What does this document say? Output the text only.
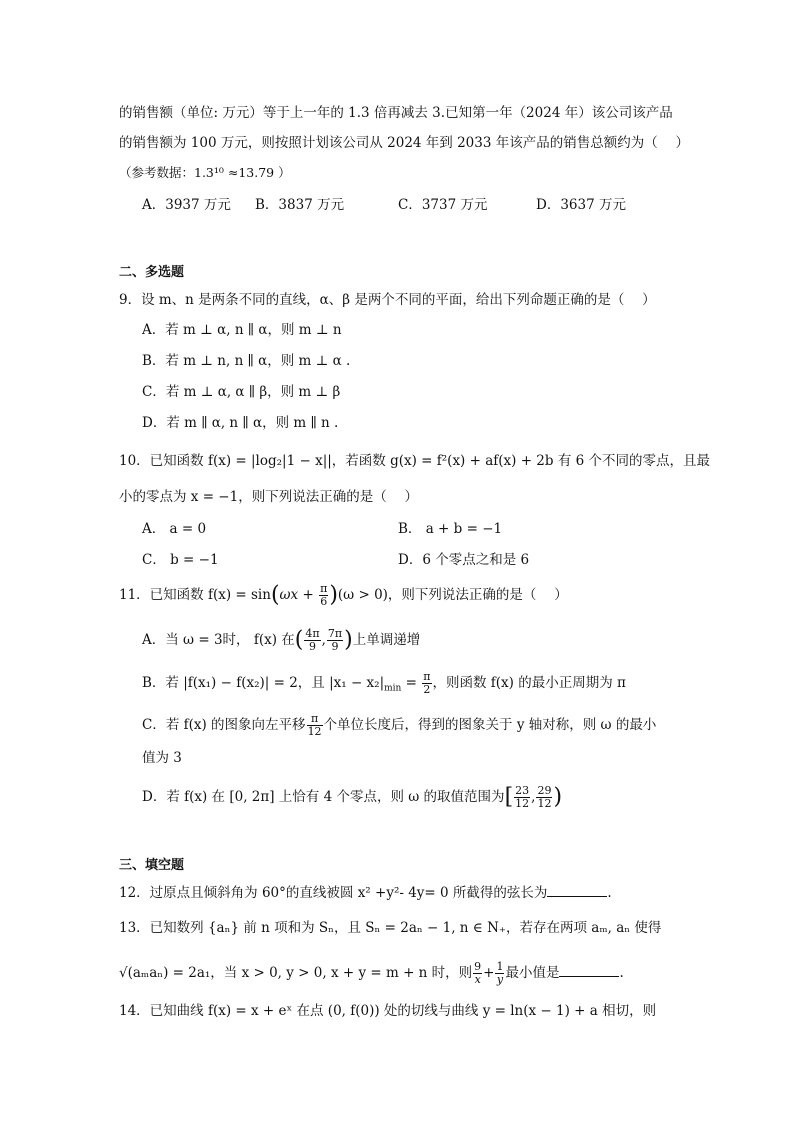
的销售额（单位: 万元）等于上一年的 1.3 倍再减去 3.已知第一年（2024 年）该公司该产品
的销售额为 100 万元，则按照计划该公司从 2024 年到 2033 年该产品的销售总额约为（　 ）
（参考数据：1.3¹⁰ ≈13.79 ）
A．3937 万元 B．3837 万元	C．3737 万元	D．3637 万元
二、多选题
9．设 m、n 是两条不同的直线，α、β 是两个不同的平面，给出下列命题正确的是（　 ）
A．若 m ⊥ α, n ∥ α，则 m ⊥ n
B．若 m ⊥ n, n ∥ α，则 m ⊥ α .
C．若 m ⊥ α, α ∥ β，则 m ⊥ β
D．若 m ∥ α, n ∥ α，则 m ∥ n .
10．已知函数 f(x) = |log₂|1 − x||，若函数 g(x) = f²(x) + af(x) + 2b 有 6 个不同的零点，且最
小的零点为 x = −1，则下列说法正确的是（　 ）
A． a = 0	B． a + b = −1
C． b = −1	D．6 个零点之和是 6
11．已知函数 $f(x) = \sin(\omega x + \frac{\pi}{6} )(\omega > 0)$，则下列说法正确的是（　 ）
A．当 ω = 3时， f(x) 在( $\frac{4\pi}{9}$ , $\frac{7\pi}{9}$ )上单调递增
B．若 |f(x₁) − f(x₂)| = 2，且 $|x_1 - x_2|_{min} = \frac{\pi}{2}$ ，则函数 f(x) 的最小正周期为 π
C．若 f(x) 的图象向左平移 $\frac{\pi}{12}$ 个单位长度后，得到的图象关于 y 轴对称，则 ω 的最小
值为 3
D．若 f(x) 在 [0, 2π] 上恰有 4 个零点，则 ω 的取值范围为[ $\frac{23}{12}$ , $\frac{29}{12}$ )
三、填空题
12．过原点且倾斜角为 60°的直线被圆 x² +y²- 4y= 0 所截得的弦长为	.
13．已知数列 {aₙ} 前 n 项和为 Sₙ，且 Sₙ = 2aₙ − 1, n ∈ N₊，若存在两项 aₘ, aₙ 使得
√(aₘaₙ) = 2a₁，当 x > 0, y > 0, x + y = m + n 时，则 $\frac{9}{x} + \frac{1}{y}$ 最小值是	.
14．已知曲线 f(x) = x + eˣ 在点 (0, f(0)) 处的切线与曲线 y = ln(x − 1) + a 相切，则
